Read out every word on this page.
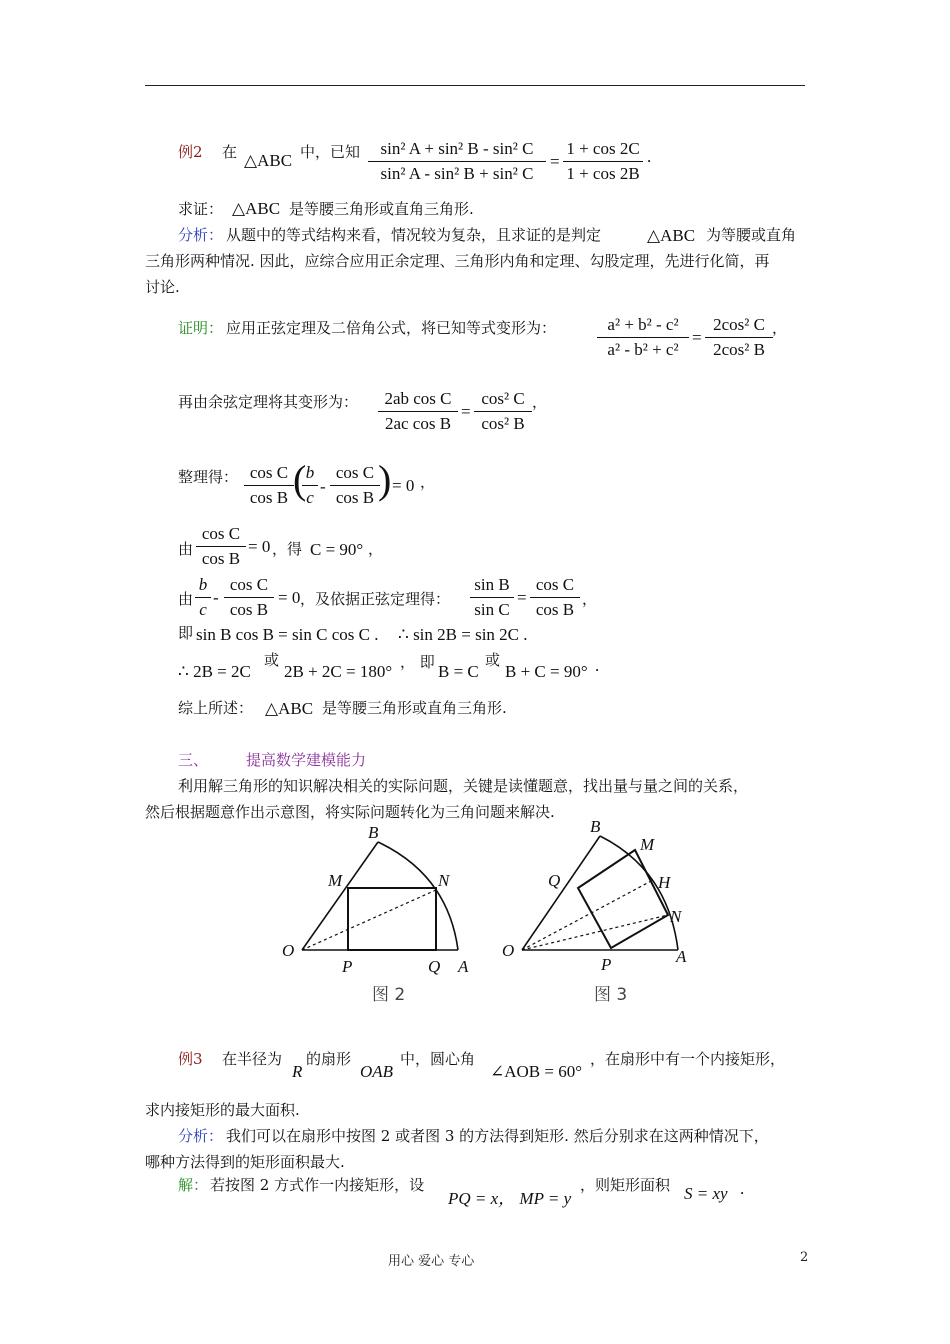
例2 在 △ABC 中，已知	sin² A + sin² B - sin² C
sin² A - sin² B + sin² C
=
1 + cos 2C
1 + cos 2B
.
求证： △ABC 是等腰三角形或直角三角形.
分析： 从题中的等式结构来看，情况较为复杂，且求证的是判定	△ABC 为等腰或直角
三角形两种情况. 因此，应综合应用正余定理、三角形内角和定理、勾股定理，先进行化简，再
讨论.
证明： 应用正弦定理及二倍角公式，将已知等式变形为：	a² + b² - c²
a² - b² + c²
=
2cos² C
2cos² B
，
再由余弦定理将其变形为：	2ab cos C
2ac cos B
=
cos² C
cos² B
，
整理得： cos C
cos B ( b
c
-
cos C
cos B ) = 0 ，
由
cos C
cos B
= 0 ，得 C = 90° ，
由
b
c
-
cos C
cos B
= 0 ，及依据正弦定理得：
sin B
sin C
=
cos C
cos B
，
即 sin B cos B = sin C cos C . ∴ sin 2B = sin 2C .
∴ 2B = 2C
或
2B + 2C = 180° ， 即 B = C
或
B + C = 90° .
综上所述： △ABC 是等腰三角形或直角三角形.
三、	提高数学建模能力
利用解三角形的知识解决相关的实际问题，关键是读懂题意，找出量与量之间的关系，
然后根据题意作出示意图，将实际问题转化为三角问题来解决.
B
M	N
O
P	Q A
图 2
B
M
Q	H
N
O
P	A
图 3
例3 在半径为
R
的扇形
OAB
中，圆心角
∠AOB = 60°
，在扇形中有一个内接矩形，
求内接矩形的最大面积.
分析： 我们可以在扇形中按图 2 或者图 3 的方法得到矩形. 然后分别求在这两种情况下，
哪种方法得到的矩形面积最大.
解： 若按图 2 方式作一内接矩形，设
PQ = x， MP = y
，则矩形面积 S = xy .
用心 爱心 专心	2
